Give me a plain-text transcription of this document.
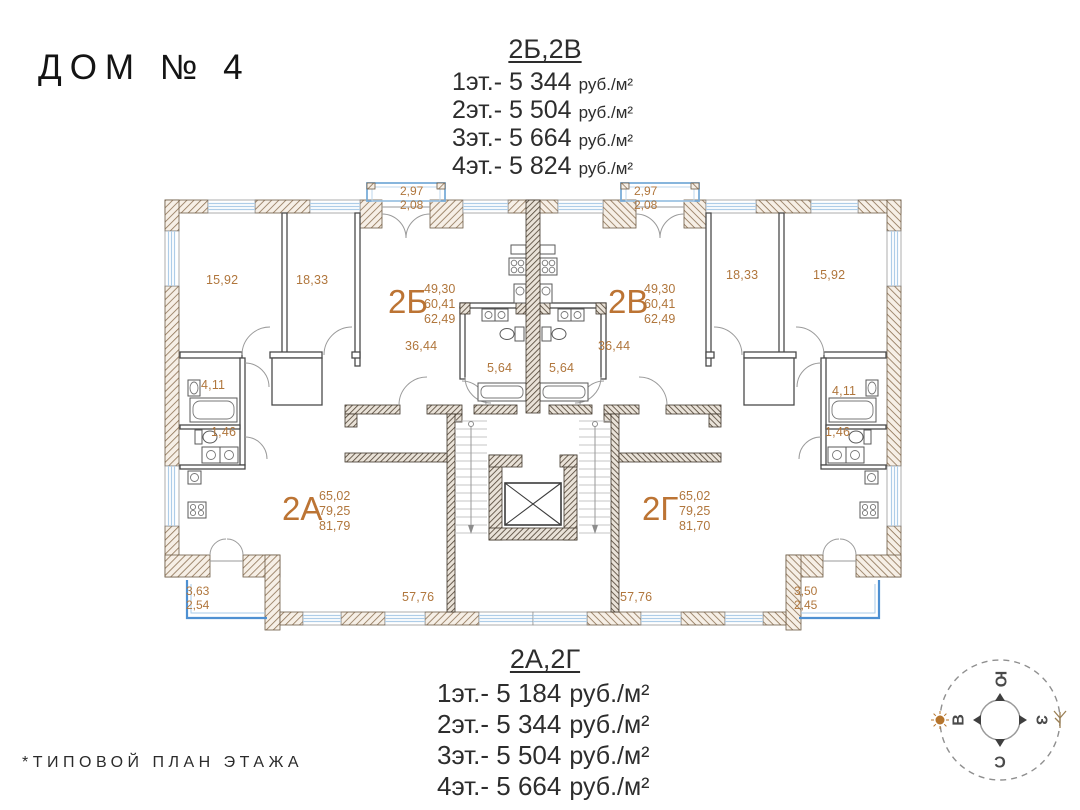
ДОМ № 4	2Б,2В
1эт.- 5 344 руб./м²
2эт.- 5 504 руб./м²
3эт.- 5 664 руб./м²
4эт.- 5 824 руб./м²
15,92	18,33
36,44
5,64
4,11
1,46
57,76
15,92
18,33
36,44
5,64
4,11
1,46
57,76
2Б
49,30
60,41
62,49	2В
49,30
60,41
62,49
2А
65,02
79,25
81,79	2Г 65,02
79,25
81,70
2,97
2,08
2,97
2,08
3,63
2,54
3,50
2,45
2А,2Г
1эт.- 5 184 руб./м²
2эт.- 5 344 руб./м²
3эт.- 5 504 руб./м²
4эт.- 5 664 руб./м²
*ТИПОВОЙ ПЛАН ЭТАЖА
Ю
В	З
С
